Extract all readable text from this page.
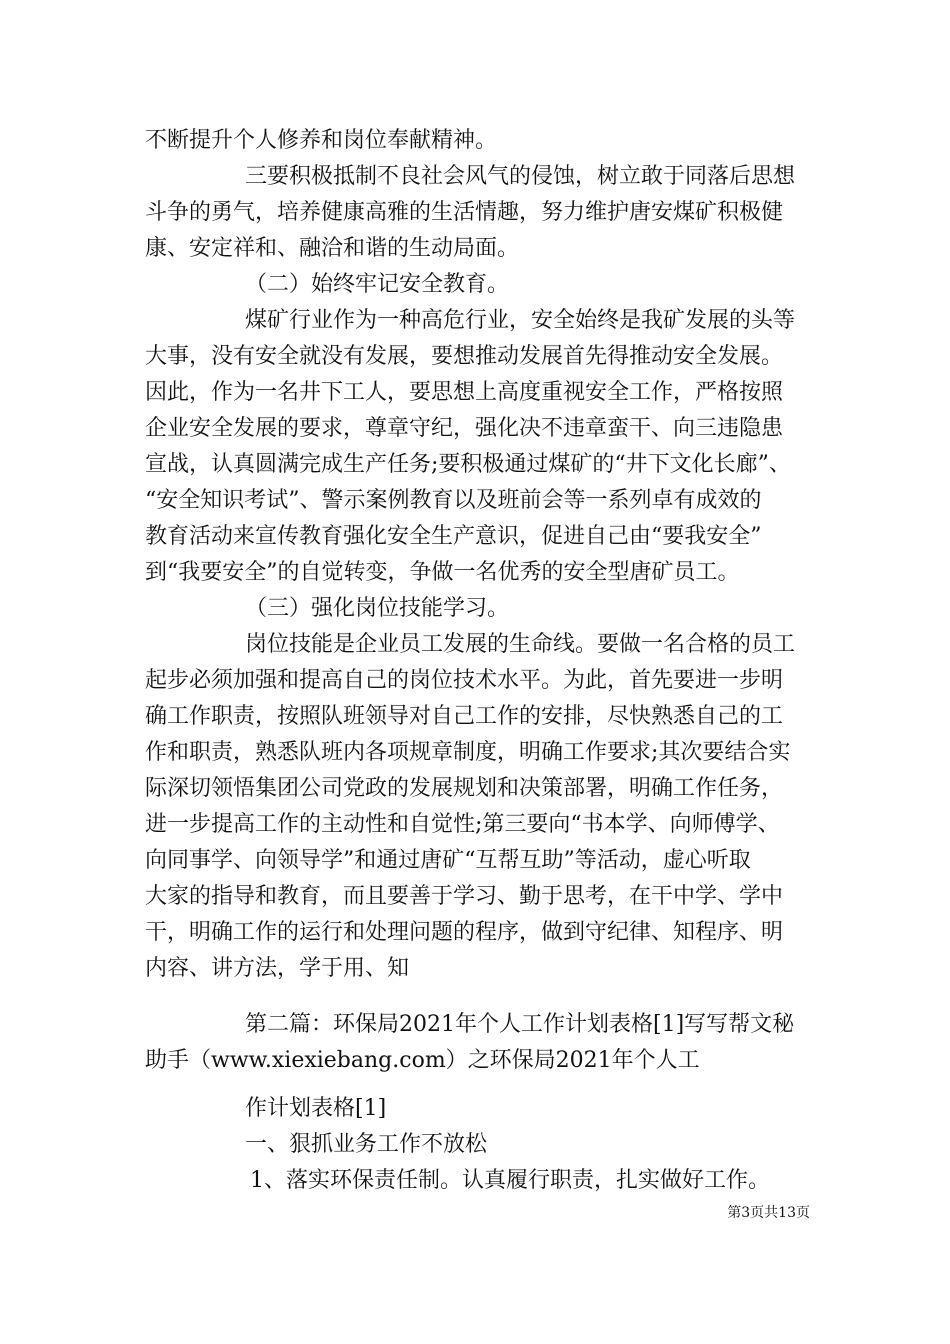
不断提升个人修养和岗位奉献精神。
三要积极抵制不良社会风气的侵蚀，树立敢于同落后思想
斗争的勇气，培养健康高雅的生活情趣，努力维护唐安煤矿积极健
康、安定祥和、融洽和谐的生动局面。
（二）始终牢记安全教育。
煤矿行业作为一种高危行业，安全始终是我矿发展的头等
大事，没有安全就没有发展，要想推动发展首先得推动安全发展。
因此，作为一名井下工人，要思想上高度重视安全工作，严格按照
企业安全发展的要求，尊章守纪，强化决不违章蛮干、向三违隐患
宣战，认真圆满完成生产任务;要积极通过煤矿的“井下文化长廊”、
“安全知识考试”、警示案例教育以及班前会等一系列卓有成效的
教育活动来宣传教育强化安全生产意识，促进自己由“要我安全”
到“我要安全”的自觉转变，争做一名优秀的安全型唐矿员工。
（三）强化岗位技能学习。
岗位技能是企业员工发展的生命线。要做一名合格的员工
起步必须加强和提高自己的岗位技术水平。为此，首先要进一步明
确工作职责，按照队班领导对自己工作的安排，尽快熟悉自己的工
作和职责，熟悉队班内各项规章制度，明确工作要求;其次要结合实
际深切领悟集团公司党政的发展规划和决策部署，明确工作任务，
进一步提高工作的主动性和自觉性;第三要向“书本学、向师傅学、
向同事学、向领导学”和通过唐矿“互帮互助”等活动，虚心听取
大家的指导和教育，而且要善于学习、勤于思考，在干中学、学中
干，明确工作的运行和处理问题的程序，做到守纪律、知程序、明
内容、讲方法，学于用、知
第二篇：环保局2021年个人工作计划表格[1]写写帮文秘
助手（www.xiexiebang.com）之环保局2021年个人工
作计划表格[1]
一、狠抓业务工作不放松
1、落实环保责任制。认真履行职责，扎实做好工作。
第3页共13页
